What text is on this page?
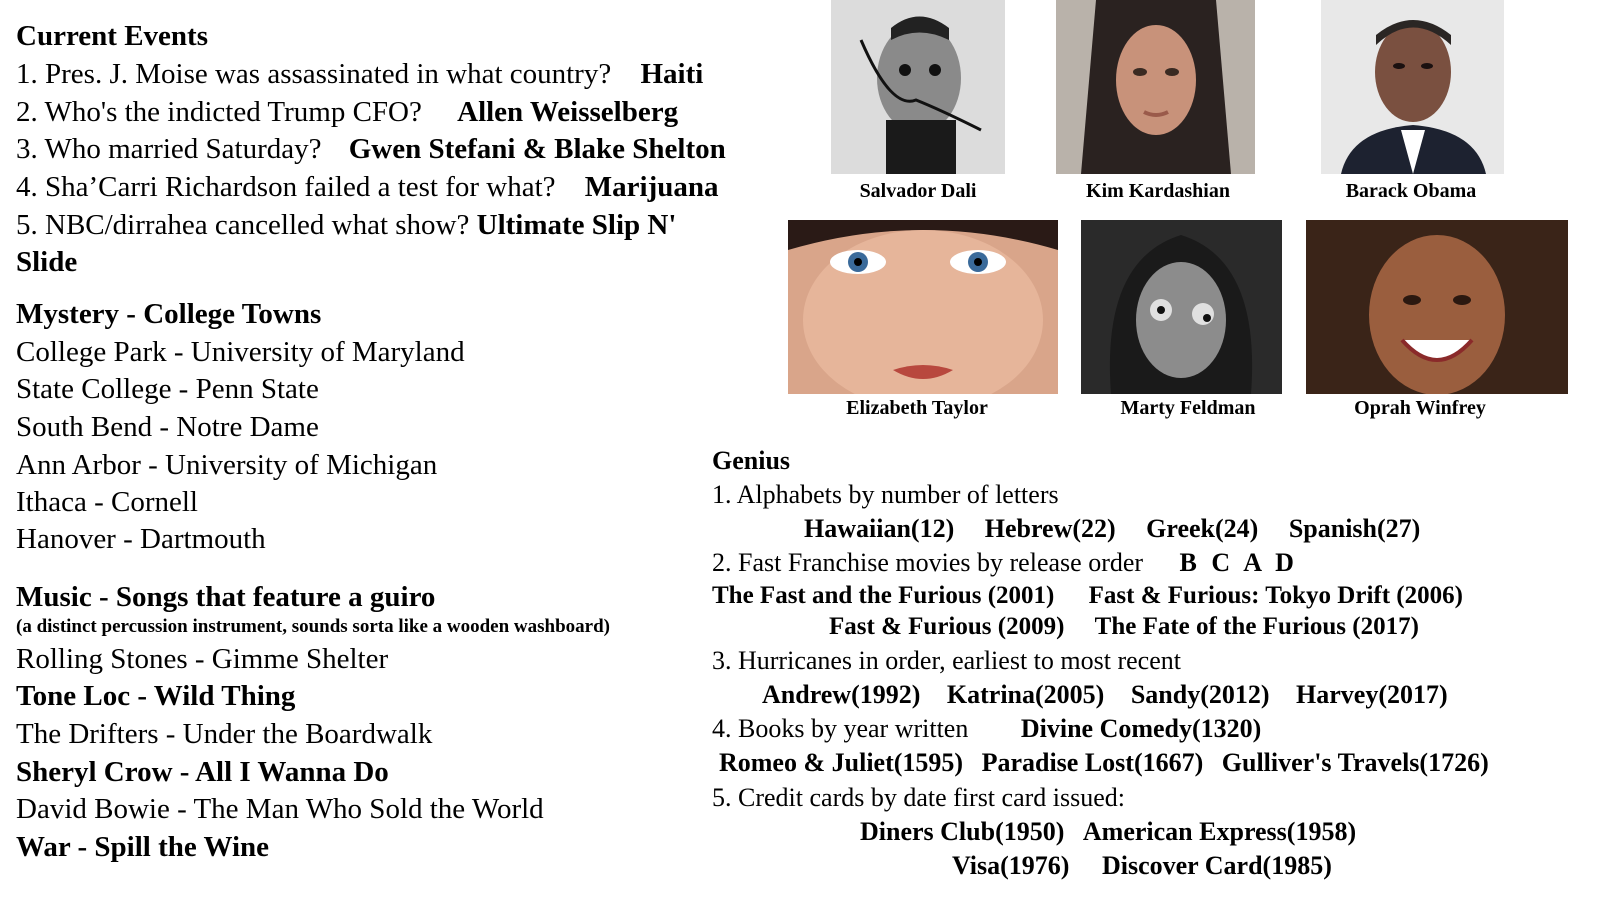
Current Events
1. Pres. J. Moise was assassinated in what country? Haiti
2. Who's the indicted Trump CFO? Allen Weisselberg
3. Who married Saturday? Gwen Stefani & Blake Shelton
4. Sha’Carri Richardson failed a test for what? Marijuana
5. NBC/dirrahea cancelled what show? Ultimate Slip N'
Slide
Mystery - College Towns
College Park - University of Maryland
State College - Penn State
South Bend - Notre Dame
Ann Arbor - University of Michigan
Ithaca - Cornell
Hanover - Dartmouth
Music - Songs that feature a guiro
(a distinct percussion instrument, sounds sorta like a wooden washboard)
Rolling Stones - Gimme Shelter
Tone Loc - Wild Thing
The Drifters - Under the Boardwalk
Sheryl Crow - All I Wanna Do
David Bowie - The Man Who Sold the World
War - Spill the Wine
Salvador Dali	Kim Kardashian	Barack Obama
Elizabeth Taylor	Marty Feldman	Oprah Winfrey
Genius
1. Alphabets by number of letters
Hawaiian(12) Hebrew(22) Greek(24) Spanish(27)
2. Fast Franchise movies by release order B C A D
The Fast and the Furious (2001) Fast & Furious: Tokyo Drift (2006)
Fast & Furious (2009) The Fate of the Furious (2017)
3. Hurricanes in order, earliest to most recent
Andrew(1992) Katrina(2005) Sandy(2012) Harvey(2017)
4. Books by year written Divine Comedy(1320)
Romeo & Juliet(1595) Paradise Lost(1667) Gulliver's Travels(1726)
5. Credit cards by date first card issued:
Diners Club(1950) American Express(1958)
Visa(1976) Discover Card(1985)
